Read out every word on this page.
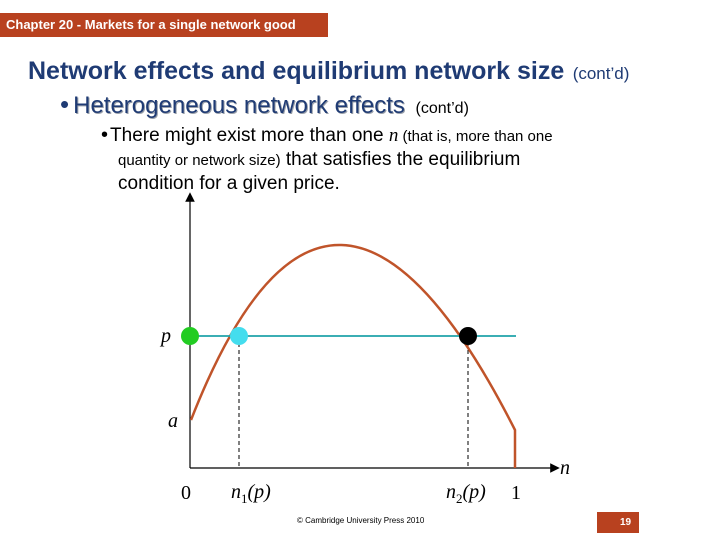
Chapter 20 - Markets for a single network good
Network effects and equilibrium network size (cont’d)
• Heterogeneous network effects (cont’d)
• There might exist more than one n (that is, more than one
quantity or network size) that satisfies the equilibrium
condition for a given price.
p
a
0 $n_1(p)$	$n_2(p)$ 1
n
© Cambridge University Press 2010	19
